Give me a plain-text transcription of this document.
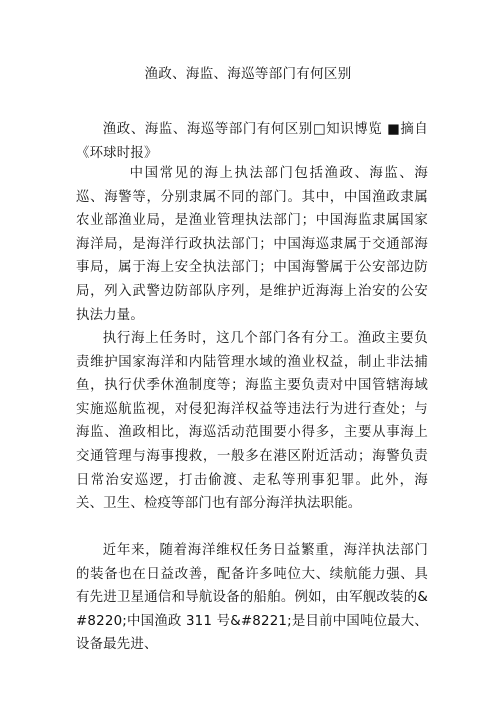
渔政、海监、海巡等部门有何区别

渔政、海监、海巡等部门有何区别□知识博览 ■摘自《环球时报》

中国常见的海上执法部门包括渔政、海监、海巡、海警等，分别隶属不同的部门。其中，中国渔政隶属农业部渔业局，是渔业管理执法部门；中国海监隶属国家海洋局，是海洋行政执法部门；中国海巡隶属于交通部海事局，属于海上安全执法部门；中国海警属于公安部边防局，列入武警边防部队序列，是维护近海海上治安的公安执法力量。

执行海上任务时，这几个部门各有分工。渔政主要负责维护国家海洋和内陆管理水域的渔业权益，制止非法捕鱼，执行伏季休渔制度等；海监主要负责对中国管辖海域实施巡航监视，对侵犯海洋权益等违法行为进行查处；与海监、渔政相比，海巡活动范围要小得多，主要从事海上交通管理与海事搜救，一般多在港区附近活动；海警负责日常治安巡逻，打击偷渡、走私等刑事犯罪。此外，海关、卫生、检疫等部门也有部分海洋执法职能。

近年来，随着海洋维权任务日益繁重，海洋执法部门的装备也在日益改善，配备许多吨位大、续航能力强、具有先进卫星通信和导航设备的船舶。例如，由军舰改装的&#8220;中国渔政 311 号&#8221;是目前中国吨位最大、设备最先进、
